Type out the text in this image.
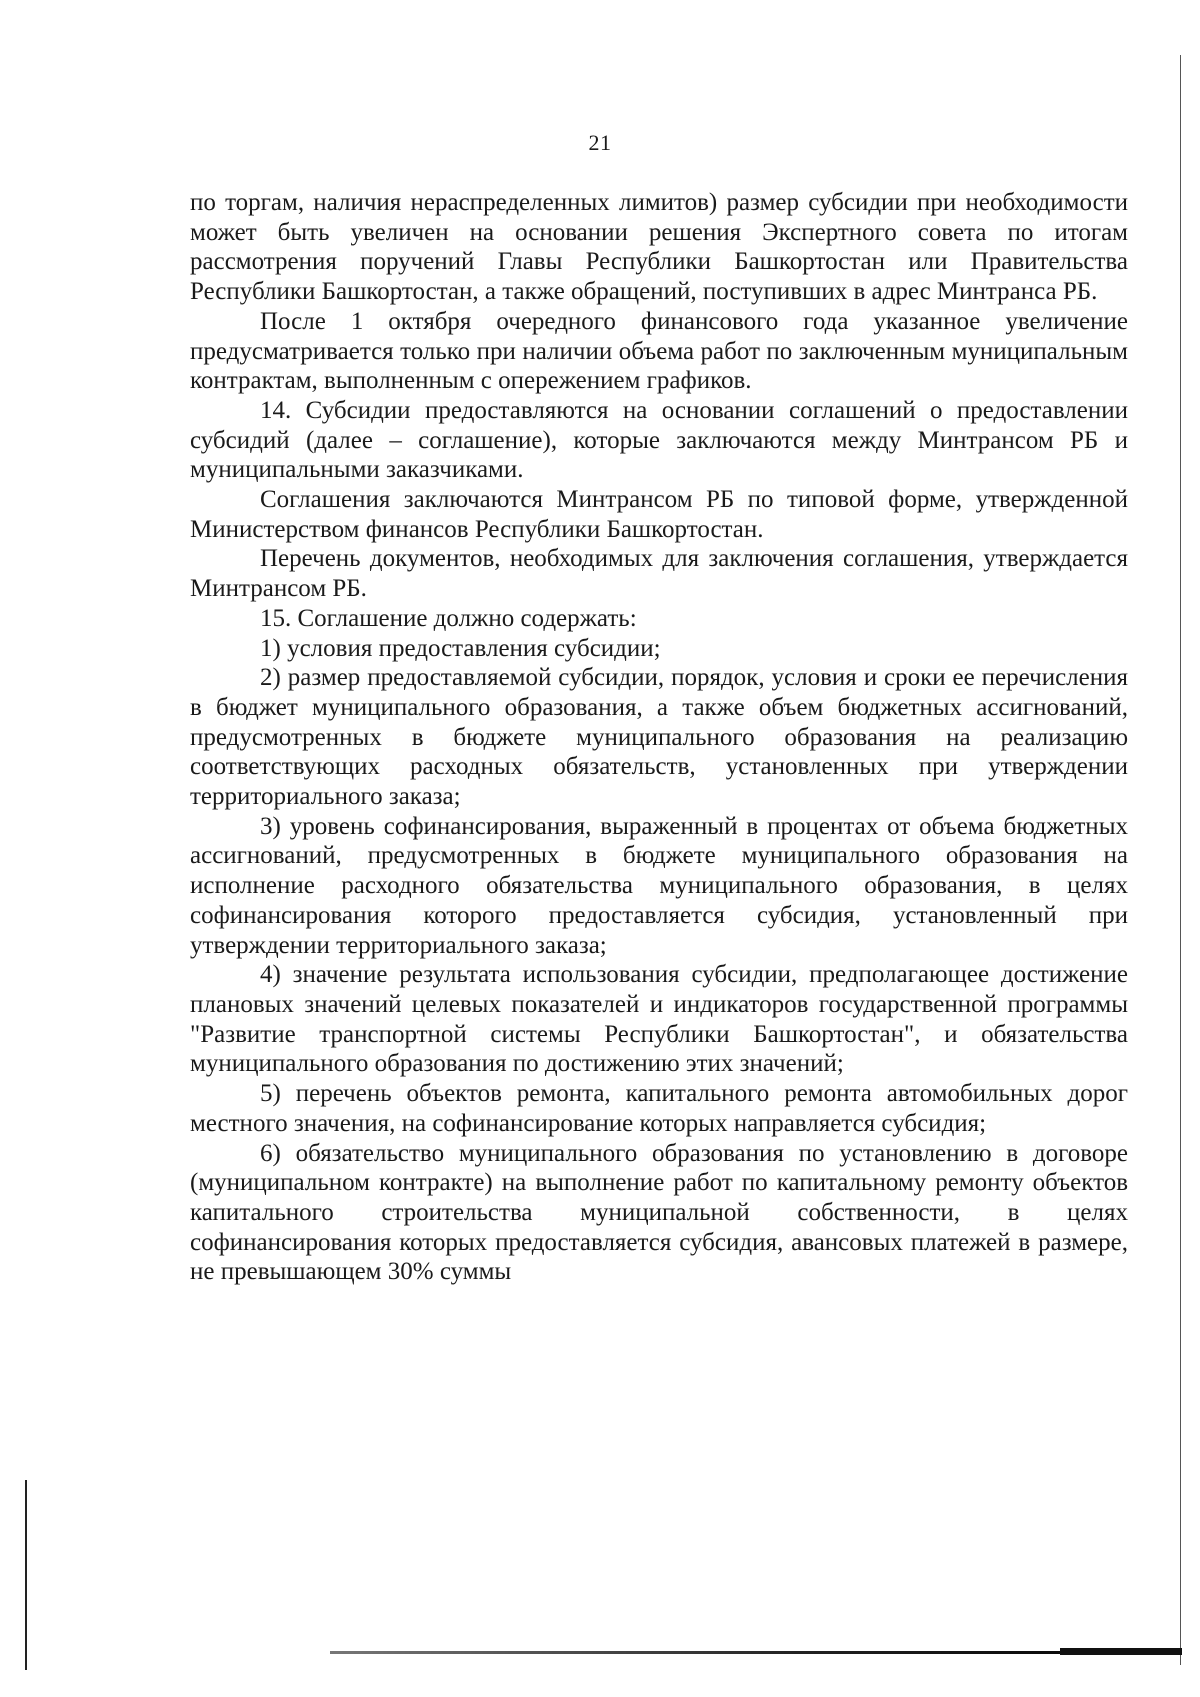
21

по торгам, наличия нераспределенных лимитов) размер субсидии при необходимости может быть увеличен на основании решения Экспертного совета по итогам рассмотрения поручений Главы Республики Башкортостан или Правительства Республики Башкортостан, а также обращений, поступивших в адрес Минтранса РБ.

После 1 октября очередного финансового года указанное увеличение предусматривается только при наличии объема работ по заключенным муниципальным контрактам, выполненным с опережением графиков.

14. Субсидии предоставляются на основании соглашений о предоставлении субсидий (далее – соглашение), которые заключаются между Минтрансом РБ и муниципальными заказчиками.

Соглашения заключаются Минтрансом РБ по типовой форме, утвержденной Министерством финансов Республики Башкортостан.

Перечень документов, необходимых для заключения соглашения, утверждается Минтрансом РБ.

15. Соглашение должно содержать:

1) условия предоставления субсидии;

2) размер предоставляемой субсидии, порядок, условия и сроки ее перечисления в бюджет муниципального образования, а также объем бюджетных ассигнований, предусмотренных в бюджете муниципального образования на реализацию соответствующих расходных обязательств, установленных при утверждении территориального заказа;

3) уровень софинансирования, выраженный в процентах от объема бюджетных ассигнований, предусмотренных в бюджете муниципального образования на исполнение расходного обязательства муниципального образования, в целях софинансирования которого предоставляется субсидия, установленный при утверждении территориального заказа;

4) значение результата использования субсидии, предполагающее достижение плановых значений целевых показателей и индикаторов государственной программы "Развитие транспортной системы Республики Башкортостан", и обязательства муниципального образования по достижению этих значений;

5) перечень объектов ремонта, капитального ремонта автомобильных дорог местного значения, на софинансирование которых направляется субсидия;

6) обязательство муниципального образования по установлению в договоре (муниципальном контракте) на выполнение работ по капитальному ремонту объектов капитального строительства муниципальной собственности, в целях софинансирования которых предоставляется субсидия, авансовых платежей в размере, не превышающем 30% суммы
